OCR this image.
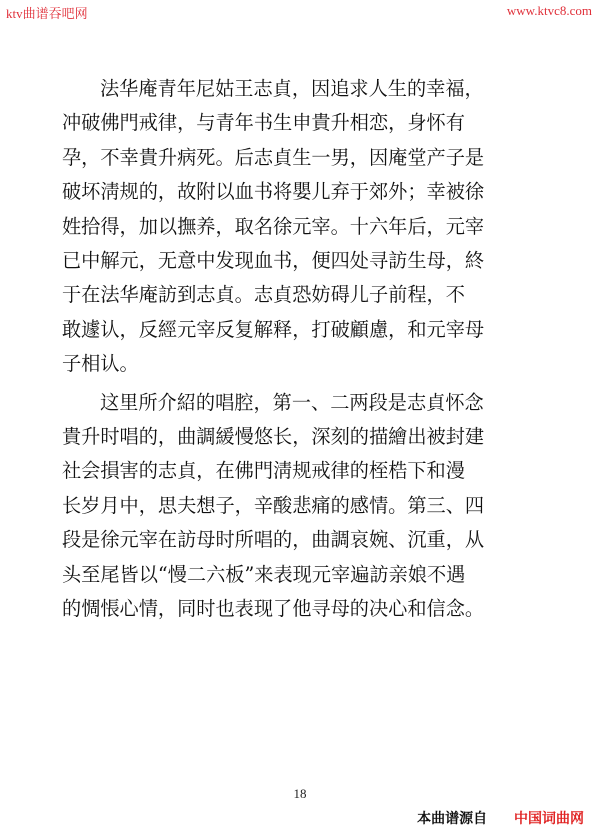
ktv曲谱吞吧网	www.ktvc8.com

法华庵青年尼姑王志貞，因追求人生的幸福，

冲破佛門戒律，与青年书生申貴升相恋，身怀有

孕，不幸貴升病死。后志貞生一男，因庵堂产子是

破坏淸规的，故附以血书将嬰儿弃于郊外；幸被徐

姓拾得，加以撫养，取名徐元宰。十六年后，元宰

已中解元，无意中发现血书，便四处寻訪生母，終

于在法华庵訪到志貞。志貞恐妨碍儿子前程，不

敢遽认，反經元宰反复解释，打破顧慮，和元宰母

子相认。

这里所介紹的唱腔，第一、二两段是志貞怀念

貴升时唱的，曲調緩慢悠长，深刻的描繪出被封建

社会損害的志貞，在佛門淸规戒律的桎梏下和漫

长岁月中，思夫想子，辛酸悲痛的感情。第三、四

段是徐元宰在訪母时所唱的，曲調哀婉、沉重，从

头至尾皆以“慢二六板”来表现元宰遍訪亲娘不遇

的惆悵心情，同时也表现了他寻母的决心和信念。

18
本曲谱源自 中国词曲网
